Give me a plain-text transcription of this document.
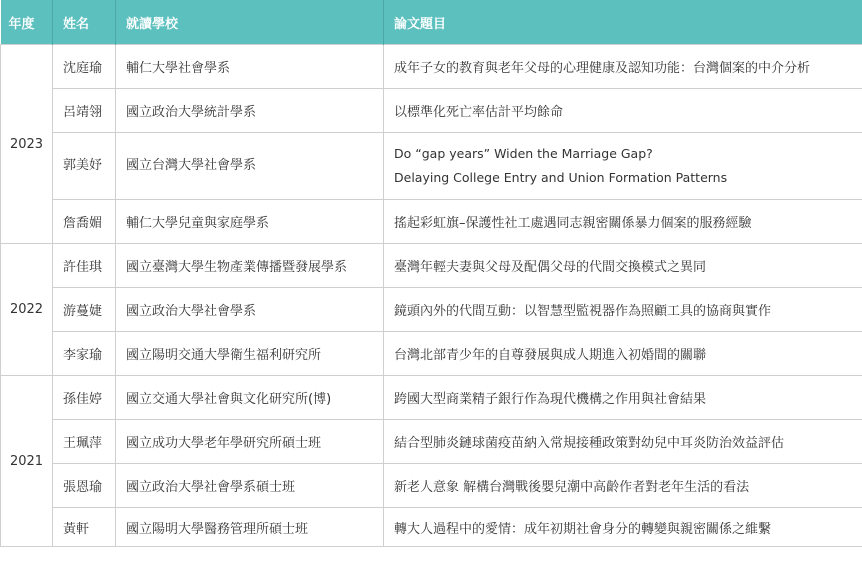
年度	姓名	就讀學校	論文題目
2023	沈庭瑜	輔仁大學社會學系	成年子女的教育與老年父母的心理健康及認知功能：台灣個案的中介分析
	呂靖翎	國立政治大學統計學系	以標準化死亡率估計平均餘命
	郭美妤	國立台灣大學社會學系	Do “gap years” Widen the Marriage Gap?
Delaying College Entry and Union Formation Patterns

	詹喬媚	輔仁大學兒童與家庭學系	搖起彩虹旗–保護性社工處遇同志親密關係暴力個案的服務經驗
2022	許佳琪	國立臺灣大學生物產業傳播暨發展學系	臺灣年輕夫妻與父母及配偶父母的代間交換模式之異同
	游蔓婕	國立政治大學社會學系	鏡頭內外的代間互動：以智慧型監視器作為照顧工具的協商與實作
	李家瑜	國立陽明交通大學衛生福利研究所	台灣北部青少年的自尊發展與成人期進入初婚間的關聯
2021	孫佳婷	國立交通大學社會與文化研究所(博)	跨國大型商業精子銀行作為現代機構之作用與社會結果
	王珮萍	國立成功大學老年學研究所碩士班	結合型肺炎鏈球菌疫苗納入常規接種政策對幼兒中耳炎防治效益評估
	張恩瑜	國立政治大學社會學系碩士班	新老人意象 解構台灣戰後嬰兒潮中高齡作者對老年生活的看法
	黃軒	國立陽明大學醫務管理所碩士班	轉大人過程中的愛情：成年初期社會身分的轉變與親密關係之維繫
